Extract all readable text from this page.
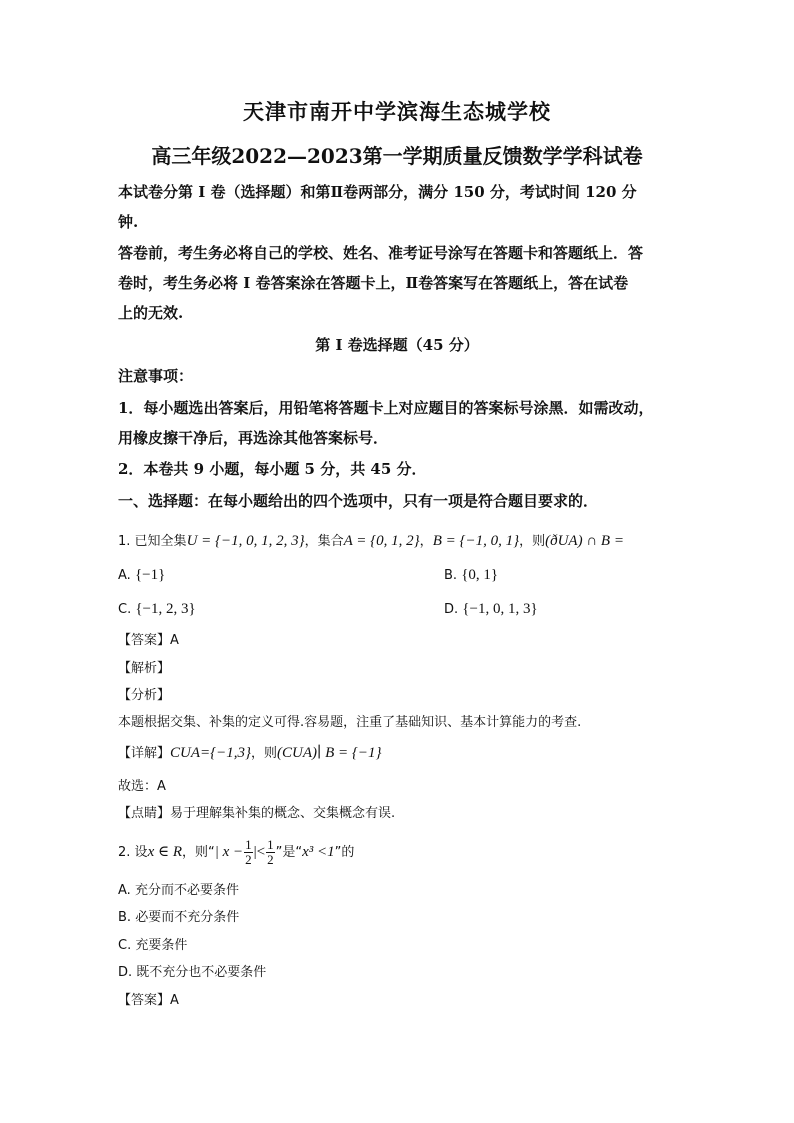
天津市南开中学滨海生态城学校
高三年级2022—2023第一学期质量反馈数学学科试卷
本试卷分第 I 卷（选择题）和第Ⅱ卷两部分，满分 150 分，考试时间 120 分
钟.
答卷前，考生务必将自己的学校、姓名、准考证号涂写在答题卡和答题纸上．答
卷时，考生务必将 I 卷答案涂在答题卡上，Ⅱ卷答案写在答题纸上，答在试卷
上的无效.
第 I 卷选择题（45 分）
注意事项：
1．每小题选出答案后，用铅笔将答题卡上对应题目的答案标号涂黑．如需改动，
用橡皮擦干净后，再选涂其他答案标号．
2．本卷共 9 小题，每小题 5 分，共 45 分．
一、选择题：在每小题给出的四个选项中，只有一项是符合题目要求的．
1. 已知全集U = {−1, 0, 1, 2, 3}，集合A = {0, 1, 2}，B = {−1, 0, 1}，则(ðUA) ∩ B =
A. {−1}	B. {0, 1}
C. {−1, 2, 3}	D. {−1, 0, 1, 3}
【答案】A
【解析】
【分析】
本题根据交集、补集的定义可得.容易题，注重了基础知识、基本计算能力的考查.
【详解】CUA={−1,3}，则(CUA)∣ B = {−1}
故选：A
【点睛】易于理解集补集的概念、交集概念有误.
2. 设x ∈ R，则“| $x - \frac{1}{2}$ |< $\frac{1}{2}$ ”是“x³ <1”的
A. 充分而不必要条件
B. 必要而不充分条件
C. 充要条件
D. 既不充分也不必要条件
【答案】A
